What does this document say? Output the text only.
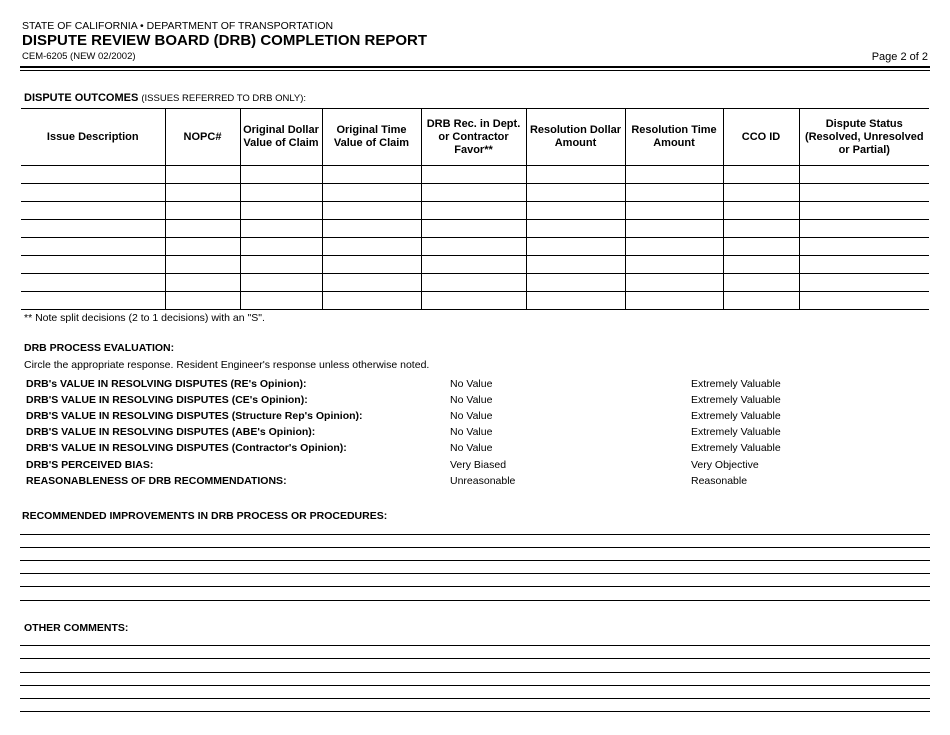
STATE OF CALIFORNIA • DEPARTMENT OF TRANSPORTATION
DISPUTE REVIEW BOARD (DRB) COMPLETION REPORT
CEM-6205 (NEW 02/2002)	Page 2 of 2
DISPUTE OUTCOMES (ISSUES REFERRED TO DRB ONLY):
Issue Description	NOPC#	Original Dollar Value of Claim	Original Time Value of Claim	DRB Rec. in Dept. or Contractor Favor**	Resolution Dollar Amount	Resolution Time Amount	CCO ID	Dispute Status (Resolved, Unresolved or Partial)

** Note split decisions (2 to 1 decisions) with an "S".
DRB PROCESS EVALUATION:
Circle the appropriate response. Resident Engineer's response unless otherwise noted.
DRB's VALUE IN RESOLVING DISPUTES (RE's Opinion):	No Value	Extremely Valuable
DRB'S VALUE IN RESOLVING DISPUTES (CE's Opinion):	No Value	Extremely Valuable
DRB'S VALUE IN RESOLVING DISPUTES (Structure Rep's Opinion):	No Value	Extremely Valuable
DRB'S VALUE IN RESOLVING DISPUTES (ABE's Opinion):	No Value	Extremely Valuable
DRB'S VALUE IN RESOLVING DISPUTES (Contractor's Opinion):	No Value	Extremely Valuable
DRB'S PERCEIVED BIAS:	Very Biased	Very Objective
REASONABLENESS OF DRB RECOMMENDATIONS:	Unreasonable	Reasonable
RECOMMENDED IMPROVEMENTS IN DRB PROCESS OR PROCEDURES:
OTHER COMMENTS:
